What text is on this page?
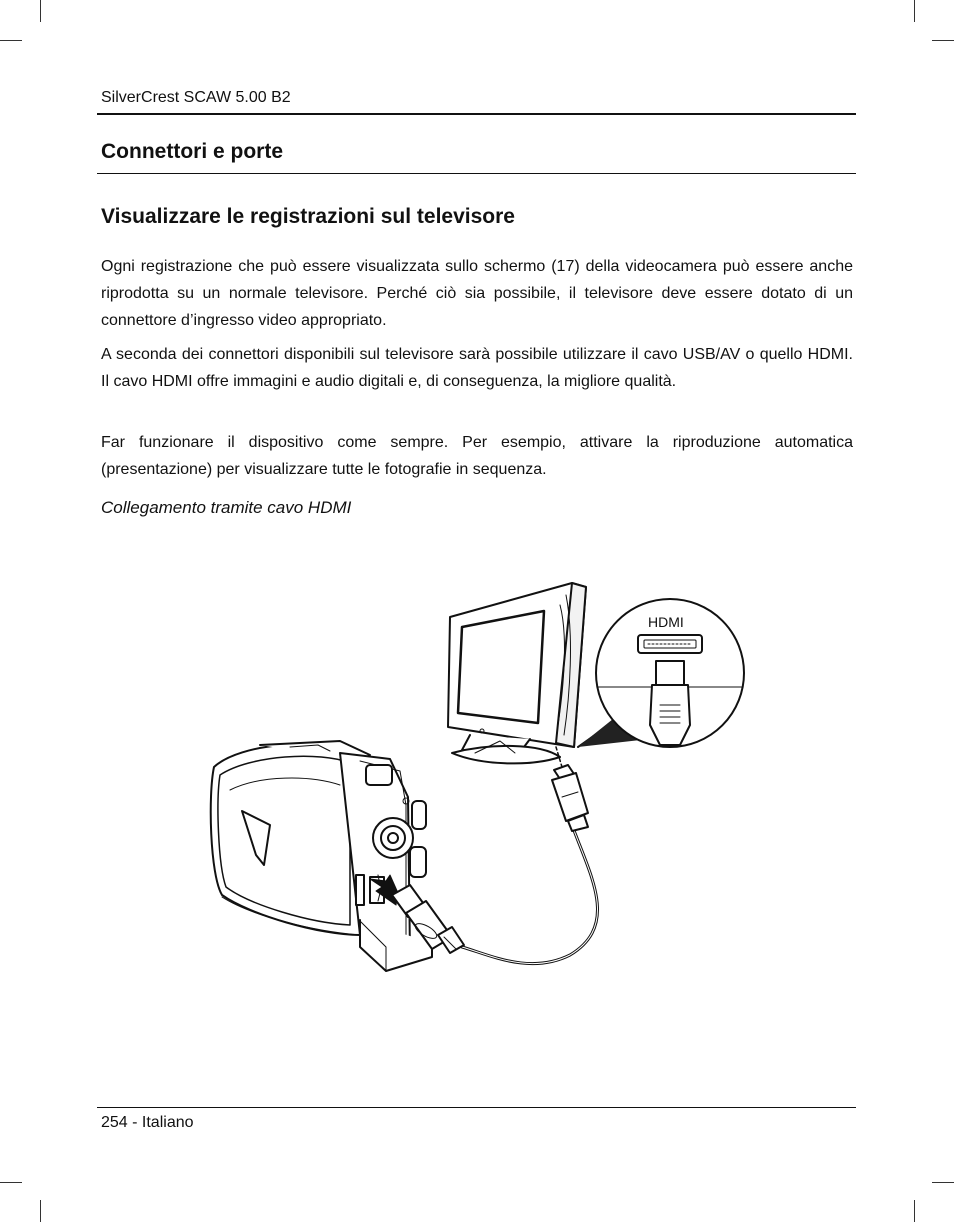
SilverCrest SCAW 5.00 B2
Connettori e porte
Visualizzare le registrazioni sul televisore

Ogni registrazione che può essere visualizzata sullo schermo (17) della videocamera può essere anche riprodotta su un normale televisore. Perché ciò sia possibile, il televisore deve essere dotato di un connettore d’ingresso video appropriato.

A seconda dei connettori disponibili sul televisore sarà possibile utilizzare il cavo USB/AV o quello HDMI. Il cavo HDMI offre immagini e audio digitali e, di conseguenza, la migliore qualità.

Far funzionare il dispositivo come sempre. Per esempio, attivare la riproduzione automatica (presentazione) per visualizzare tutte le fotografie in sequenza.

Collegamento tramite cavo HDMI
HDMI
254 - Italiano
